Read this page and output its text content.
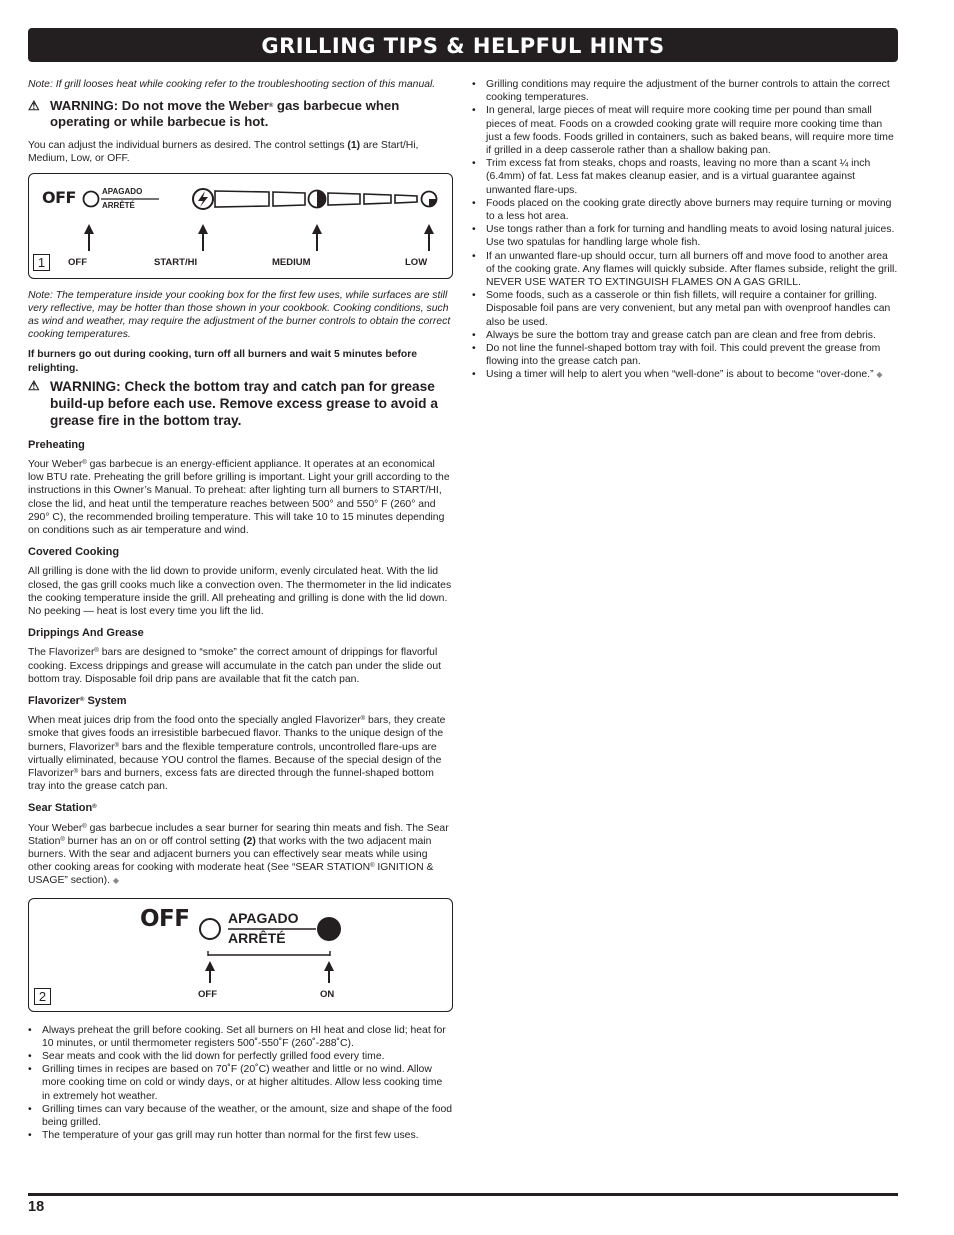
GRILLING TIPS & HELPFUL HINTS

Note: If grill looses heat while cooking refer to the troubleshooting section of this manual.

⚠ WARNING: Do not move the Weber® gas barbecue when operating or while barbecue is hot.

You can adjust the individual burners as desired. The control settings (1) are Start/Hi, Medium, Low, or OFF.

OFF	APAGADO
ARRÊTÉ
1	OFF	START/HI	MEDIUM	LOW

Note: The temperature inside your cooking box for the first few uses, while surfaces are still very reflective, may be hotter than those shown in your cookbook. Cooking conditions, such as wind and weather, may require the adjustment of the burner controls to obtain the correct cooking temperatures.

If burners go out during cooking, turn off all burners and wait 5 minutes before relighting.

⚠ WARNING: Check the bottom tray and catch pan for grease build-up before each use. Remove excess grease to avoid a grease fire in the bottom tray.
Preheating

Your Weber® gas barbecue is an energy-efficient appliance. It operates at an economical low BTU rate. Preheating the grill before grilling is important. Light your grill according to the instructions in this Owner’s Manual. To preheat: after lighting turn all burners to START/HI, close the lid, and heat until the temperature reaches between 500° and 550° F (260° and 290° C), the recommended broiling temperature. This will take 10 to 15 minutes depending on conditions such as air temperature and wind.

Covered Cooking

All grilling is done with the lid down to provide uniform, evenly circulated heat. With the lid closed, the gas grill cooks much like a convection oven. The thermometer in the lid indicates the cooking temperature inside the grill. All preheating and grilling is done with the lid down. No peeking — heat is lost every time you lift the lid.

Drippings And Grease

The Flavorizer® bars are designed to “smoke” the correct amount of drippings for flavorful cooking. Excess drippings and grease will accumulate in the catch pan under the slide out bottom tray. Disposable foil drip pans are available that fit the catch pan.

Flavorizer® System

When meat juices drip from the food onto the specially angled Flavorizer® bars, they create smoke that gives foods an irresistible barbecued flavor. Thanks to the unique design of the burners, Flavorizer® bars and the flexible temperature controls, uncontrolled flare-ups are virtually eliminated, because YOU control the flames. Because of the special design of the Flavorizer® bars and burners, excess fats are directed through the funnel-shaped bottom tray into the grease catch pan.

Sear Station®

Your Weber® gas barbecue includes a sear burner for searing thin meats and fish. The Sear Station® burner has an on or off control setting (2) that works with the two adjacent main burners. With the sear and adjacent burners you can effectively sear meats while using other cooking areas for cooking with moderate heat (See “SEAR STATION® IGNITION & USAGE” section). ◆

OFF	APAGADO
ARRÊTÉ
2	OFF	ON
• Always preheat the grill before cooking. Set all burners on HI heat and close lid; heat for 10 minutes, or until thermometer registers 500˚-550˚F (260˚-288˚C).
• Sear meats and cook with the lid down for perfectly grilled food every time.
• Grilling times in recipes are based on 70˚F (20˚C) weather and little or no wind. Allow more cooking time on cold or windy days, or at higher altitudes. Allow less cooking time in extremely hot weather.
• Grilling times can vary because of the weather, or the amount, size and shape of the food being grilled.
• The temperature of your gas grill may run hotter than normal for the first few uses.
• Grilling conditions may require the adjustment of the burner controls to attain the correct cooking temperatures.
• In general, large pieces of meat will require more cooking time per pound than small pieces of meat. Foods on a crowded cooking grate will require more cooking time than just a few foods. Foods grilled in containers, such as baked beans, will require more time if grilled in a deep casserole rather than a shallow baking pan.
• Trim excess fat from steaks, chops and roasts, leaving no more than a scant ¼ inch (6.4mm) of fat. Less fat makes cleanup easier, and is a virtual guarantee against unwanted flare-ups.
• Foods placed on the cooking grate directly above burners may require turning or moving to a less hot area.
• Use tongs rather than a fork for turning and handling meats to avoid losing natural juices. Use two spatulas for handling large whole fish.
• If an unwanted flare-up should occur, turn all burners off and move food to another area of the cooking grate. Any flames will quickly subside. After flames subside, relight the grill. NEVER USE WATER TO EXTINGUISH FLAMES ON A GAS GRILL.
• Some foods, such as a casserole or thin fish fillets, will require a container for grilling. Disposable foil pans are very convenient, but any metal pan with ovenproof handles can also be used.
• Always be sure the bottom tray and grease catch pan are clean and free from debris.
• Do not line the funnel-shaped bottom tray with foil. This could prevent the grease from flowing into the grease catch pan.
• Using a timer will help to alert you when “well-done” is about to become “over-done.” ◆
18
